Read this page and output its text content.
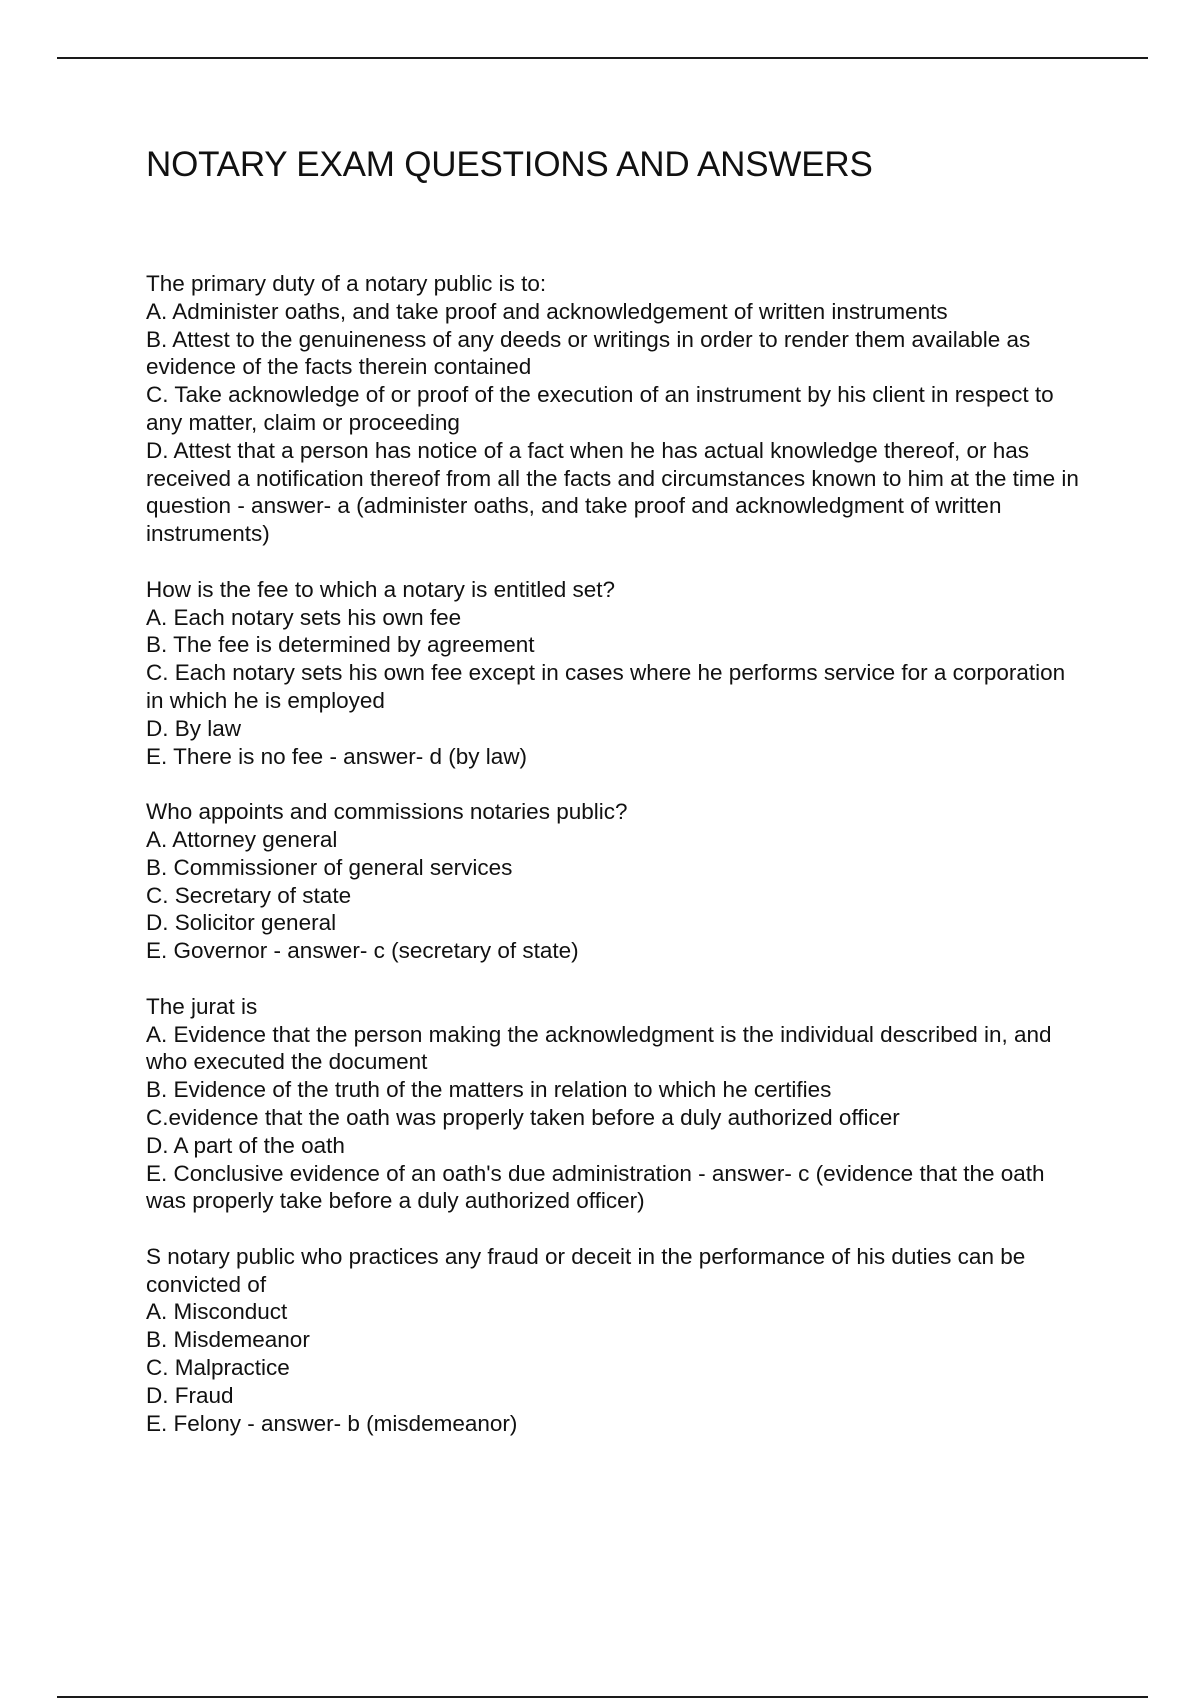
NOTARY EXAM QUESTIONS AND ANSWERS
The primary duty of a notary public is to:
A. Administer oaths, and take proof and acknowledgement of written instruments
B. Attest to the genuineness of any deeds or writings in order to render them available as evidence of the facts therein contained
C. Take acknowledge of or proof of the execution of an instrument by his client in respect to any matter, claim or proceeding
D. Attest that a person has notice of a fact when he has actual knowledge thereof, or has received a notification thereof from all the facts and circumstances known to him at the time in question - answer- a (administer oaths, and take proof and acknowledgment of written instruments)
How is the fee to which a notary is entitled set?
A. Each notary sets his own fee
B. The fee is determined by agreement
C. Each notary sets his own fee except in cases where he performs service for a corporation in which he is employed
D. By law
E. There is no fee - answer- d (by law)
Who appoints and commissions notaries public?
A. Attorney general
B. Commissioner of general services
C. Secretary of state
D. Solicitor general
E. Governor - answer- c (secretary of state)
The jurat is
A. Evidence that the person making the acknowledgment is the individual described in, and who executed the document
B. Evidence of the truth of the matters in relation to which he certifies
C.evidence that the oath was properly taken before a duly authorized officer
D. A part of the oath
E. Conclusive evidence of an oath's due administration - answer- c (evidence that the oath was properly take before a duly authorized officer)
S notary public who practices any fraud or deceit in the performance of his duties can be convicted of
A. Misconduct
B. Misdemeanor
C. Malpractice
D. Fraud
E. Felony - answer- b (misdemeanor)
